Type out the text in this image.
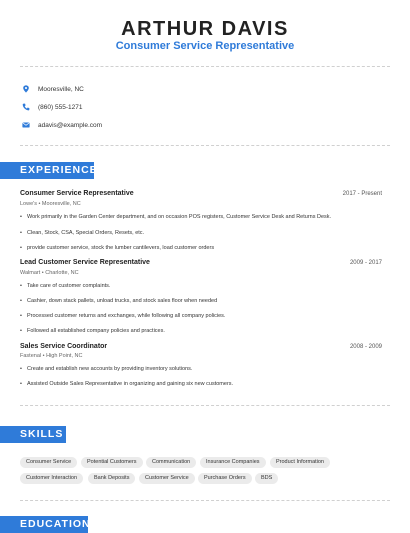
ARTHUR DAVIS
Consumer Service Representative
Mooresville, NC
(860) 555-1271
adavis@example.com
EXPERIENCE
Consumer Service Representative	2017 - Present
Lowe's • Mooresville, NC
• Work primarily in the Garden Center department, and on occasion POS registers, Customer Service Desk and Returns Desk.
• Clean, Stock, CSA, Special Orders, Resets, etc.
• provide customer service, stock the lumber cantilevers, load customer orders
Lead Customer Service Representative	2009 - 2017
Walmart • Charlotte, NC
• Take care of customer complaints.
• Cashier, down stack pallets, unload trucks, and stock sales floor when needed
• Processed customer returns and exchanges, while following all company policies.
• Followed all established company policies and practices.
Sales Service Coordinator	2008 - 2009
Fastenal • High Point, NC
• Create and establish new accounts by providing inventory solutions.
• Assisted Outside Sales Representative in organizing and gaining six new customers.
SKILLS
Consumer Service	Potential Customers	Communication	Insurance Companies	Product Information
Customer Interaction	Bank Deposits	Customer Service	Purchase Orders	BDS
EDUCATION
